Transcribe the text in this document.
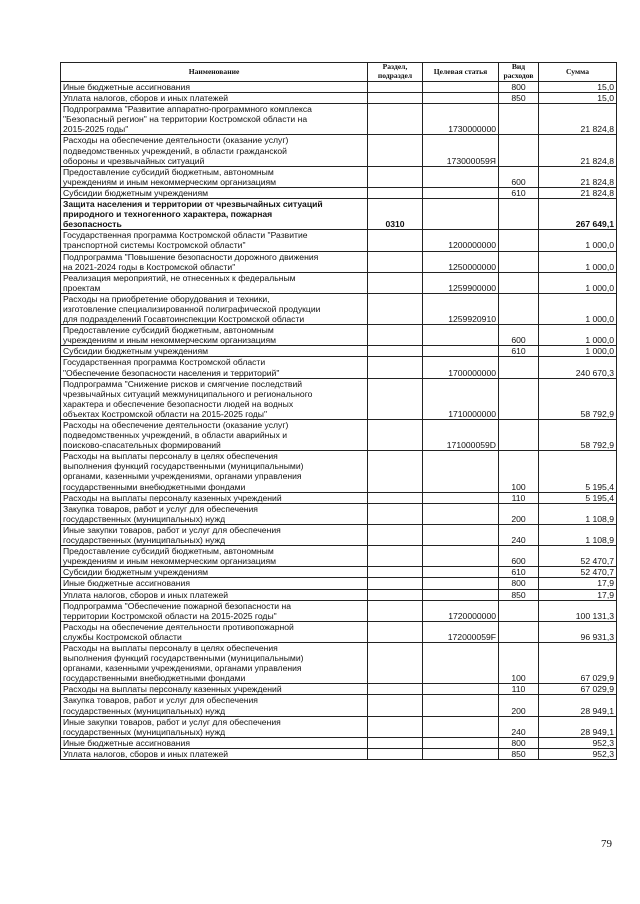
Наименование	Раздел, подраздел	Целевая статья	Вид расходов	Сумма
Иные бюджетные ассигнования			800	15,0
Уплата налогов, сборов и иных платежей			850	15,0
Подпрограмма "Развитие аппаратно-программного комплекса
"Безопасный регион" на территории Костромской области на
2015-2025 годы"		1730000000		21 824,8
Расходы на обеспечение деятельности (оказание услуг)
подведомственных учреждений, в области гражданской
обороны и чрезвычайных ситуаций		173000059Я		21 824,8
Предоставление субсидий бюджетным, автономным
учреждениям и иным некоммерческим организациям			600	21 824,8
Субсидии бюджетным учреждениям			610	21 824,8
Защита населения и территории от чрезвычайных ситуаций
природного и техногенного характера, пожарная
безопасность	0310			267 649,1
Государственная программа Костромской области "Развитие
транспортной системы Костромской области"		1200000000		1 000,0
Подпрограмма "Повышение безопасности дорожного движения
на 2021-2024 годы в Костромской области"		1250000000		1 000,0
Реализация мероприятий, не отнесенных к федеральным
проектам		1259900000		1 000,0
Расходы на приобретение оборудования и техники,
изготовление специализированной полиграфической продукции
для подразделений Госавтоинспекции Костромской области		1259920910		1 000,0
Предоставление субсидий бюджетным, автономным
учреждениям и иным некоммерческим организациям			600	1 000,0
Субсидии бюджетным учреждениям			610	1 000,0
Государственная программа Костромской области
"Обеспечение безопасности населения и территорий"		1700000000		240 670,3
Подпрограмма "Снижение рисков и смягчение последствий
чрезвычайных ситуаций межмуниципального и регионального
характера и обеспечение безопасности людей на водных
объектах Костромской области на 2015-2025 годы"		1710000000		58 792,9
Расходы на обеспечение деятельности (оказание услуг)
подведомственных учреждений, в области аварийных и
поисково-спасательных формирований		171000059D		58 792,9
Расходы на выплаты персоналу в целях обеспечения
выполнения функций государственными (муниципальными)
органами, казенными учреждениями, органами управления
государственными внебюджетными фондами			100	5 195,4
Расходы на выплаты персоналу казенных учреждений			110	5 195,4
Закупка товаров, работ и услуг для обеспечения
государственных (муниципальных) нужд			200	1 108,9
Иные закупки товаров, работ и услуг для обеспечения
государственных (муниципальных) нужд			240	1 108,9
Предоставление субсидий бюджетным, автономным
учреждениям и иным некоммерческим организациям			600	52 470,7
Субсидии бюджетным учреждениям			610	52 470,7
Иные бюджетные ассигнования			800	17,9
Уплата налогов, сборов и иных платежей			850	17,9
Подпрограмма "Обеспечение пожарной безопасности на
территории Костромской области на 2015-2025 годы"		1720000000		100 131,3
Расходы на обеспечение деятельности противопожарной
службы Костромской области		172000059F		96 931,3
Расходы на выплаты персоналу в целях обеспечения
выполнения функций государственными (муниципальными)
органами, казенными учреждениями, органами управления
государственными внебюджетными фондами			100	67 029,9
Расходы на выплаты персоналу казенных учреждений			110	67 029,9
Закупка товаров, работ и услуг для обеспечения
государственных (муниципальных) нужд			200	28 949,1
Иные закупки товаров, работ и услуг для обеспечения
государственных (муниципальных) нужд			240	28 949,1
Иные бюджетные ассигнования			800	952,3
Уплата налогов, сборов и иных платежей			850	952,3
79
